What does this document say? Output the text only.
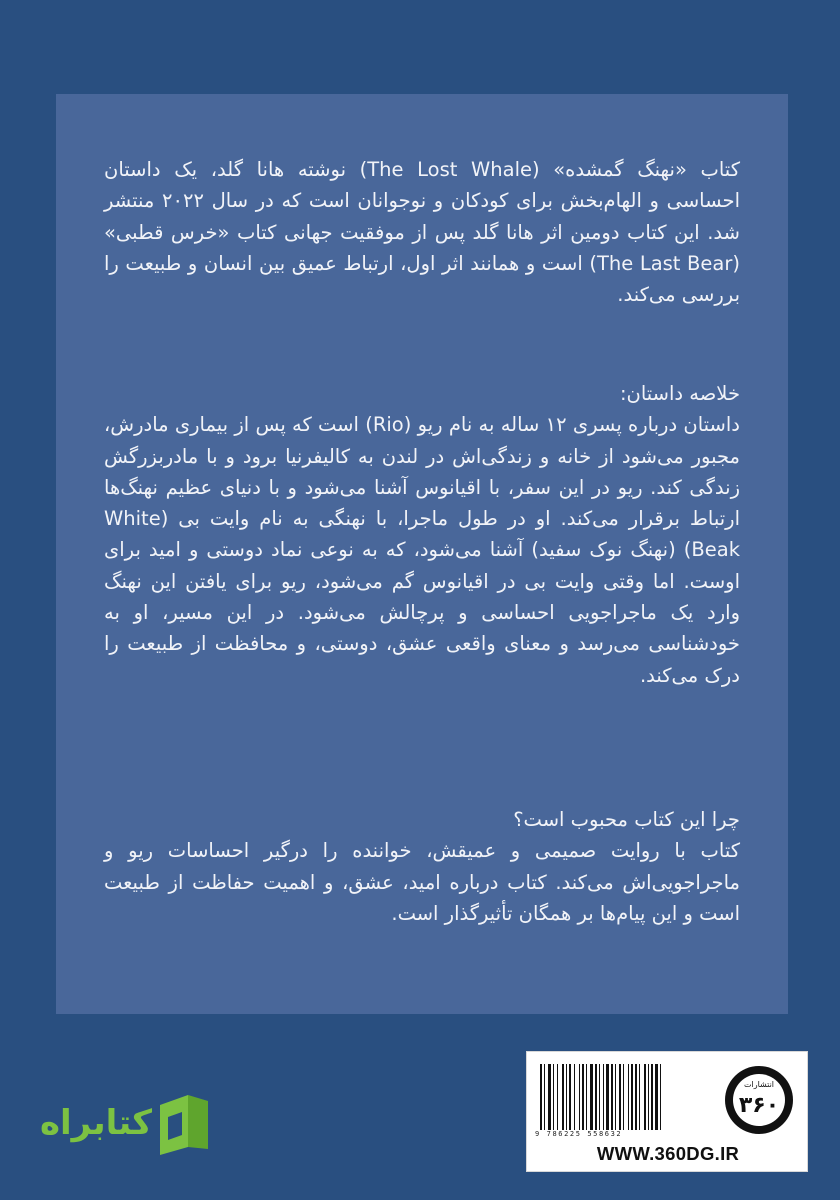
کتاب «نهنگ گمشده» (The Lost Whale) نوشته هانا گلد، یک داستان احساسی و الهام‌بخش برای کودکان و نوجوانان است که در سال ۲۰۲۲ منتشر شد. این کتاب دومین اثر هانا گلد پس از موفقیت جهانی کتاب «خرس قطبی» (The Last Bear) است و همانند اثر اول، ارتباط عمیق بین انسان و طبیعت را بررسی می‌کند.
خلاصه داستان:
داستان درباره پسری ۱۲ ساله به نام ریو (Rio) است که پس از بیماری مادرش، مجبور می‌شود از خانه و زندگی‌اش در لندن به کالیفرنیا برود و با مادربزرگش زندگی کند. ریو در این سفر، با اقیانوس آشنا می‌شود و با دنیای عظیم نهنگ‌ها ارتباط برقرار می‌کند. او در طول ماجرا، با نهنگی به نام وایت بی (White Beak) (نهنگ نوک سفید) آشنا می‌شود، که به نوعی نماد دوستی و امید برای اوست. اما وقتی وایت بی در اقیانوس گم می‌شود، ریو برای یافتن این نهنگ وارد یک ماجراجویی احساسی و پرچالش می‌شود. در این مسیر، او به خودشناسی می‌رسد و معنای واقعی عشق، دوستی، و محافظت از طبیعت را درک می‌کند.
چرا این کتاب محبوب است؟
کتاب با روایت صمیمی و عمیقش، خواننده را درگیر احساسات ریو و ماجراجویی‌اش می‌کند. کتاب درباره امید، عشق، و اهمیت حفاظت از طبیعت است و این پیام‌ها بر همگان تأثیرگذار است.
9 786225 558632
انتشارات
۳۶۰
WWW.360DG.IR
کتابراه
